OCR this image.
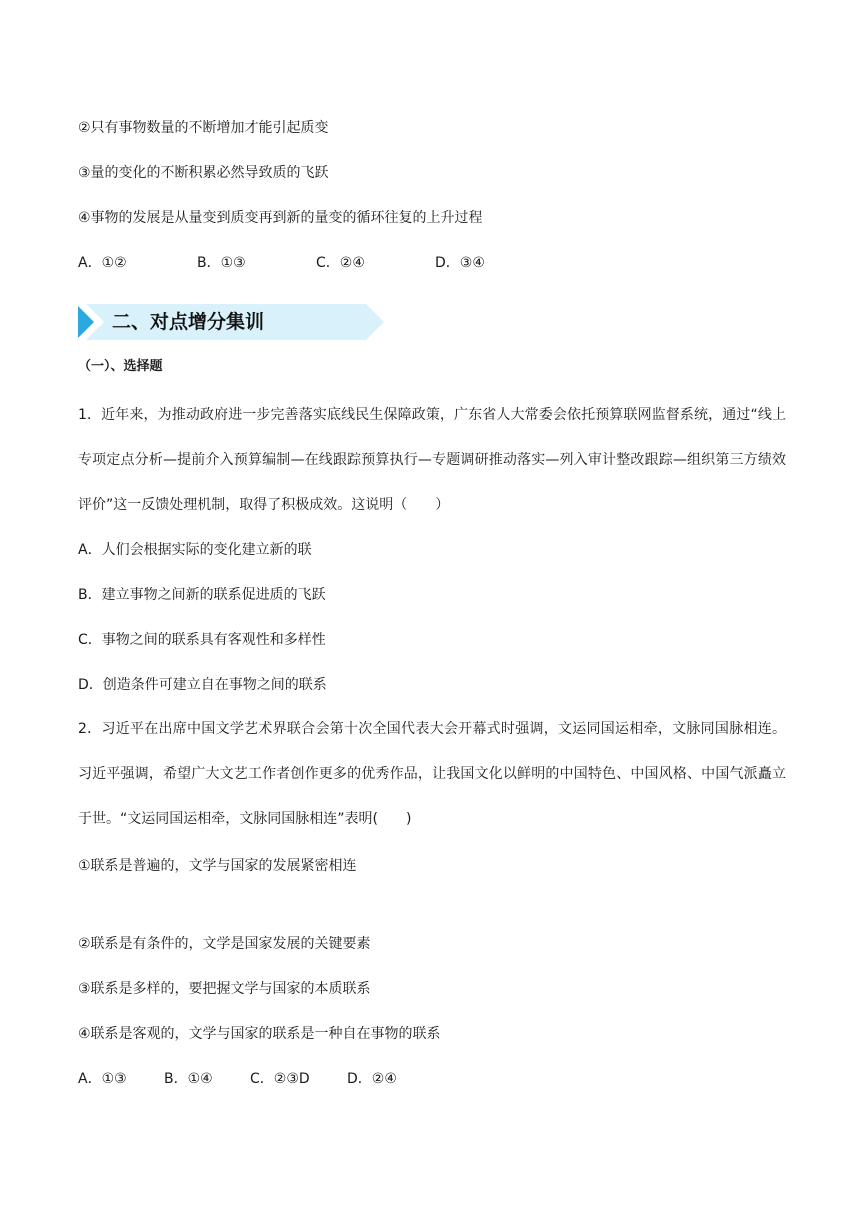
②只有事物数量的不断增加才能引起质变
③量的变化的不断积累必然导致质的飞跃
④事物的发展是从量变到质变再到新的量变的循环往复的上升过程
A．①②	B．①③	C．②④	D．③④
二、对点增分集训
（一）、选择题
1．近年来，为推动政府进一步完善落实底线民生保障政策，广东省人大常委会依托预算联网监督系统，通过“线上专项定点分析—提前介入预算编制—在线跟踪预算执行—专题调研推动落实—列入审计整改跟踪—组织第三方绩效评价”这一反馈处理机制，取得了积极成效。这说明（　　）
A．人们会根据实际的变化建立新的联
B．建立事物之间新的联系促进质的飞跃
C．事物之间的联系具有客观性和多样性
D．创造条件可建立自在事物之间的联系
2．习近平在出席中国文学艺术界联合会第十次全国代表大会开幕式时强调，文运同国运相牵，文脉同国脉相连。习近平强调，希望广大文艺工作者创作更多的优秀作品，让我国文化以鲜明的中国特色、中国风格、中国气派矗立于世。“文运同国运相牵，文脉同国脉相连”表明(　　)
①联系是普遍的，文学与国家的发展紧密相连
②联系是有条件的，文学是国家发展的关键要素
③联系是多样的，要把握文学与国家的本质联系
④联系是客观的，文学与国家的联系是一种自在事物的联系
A．①③	B．①④	C．②③D	D．②④
